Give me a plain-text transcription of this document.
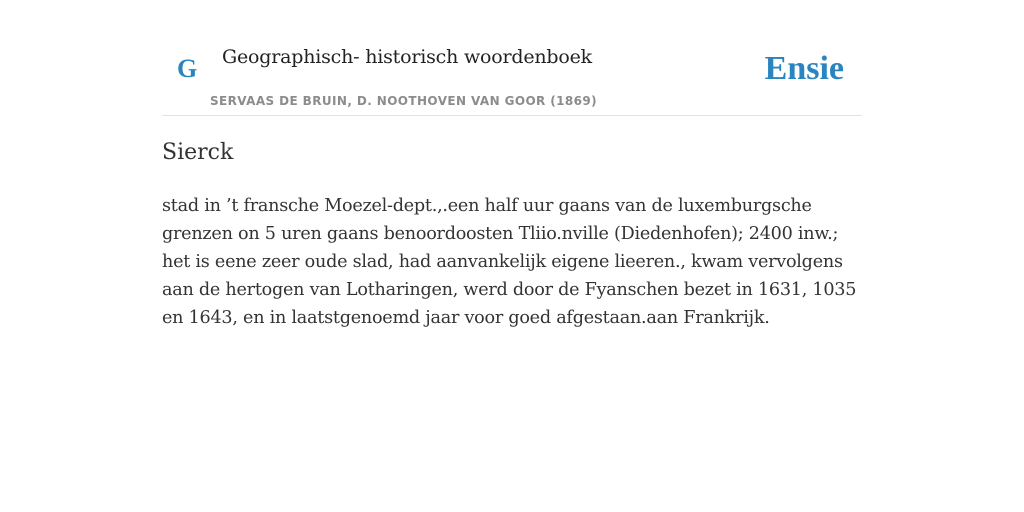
G Geographisch- historisch woordenboek
SERVAAS DE BRUIN, D. NOOTHOVEN VAN GOOR (1869)
Ensie
Sierck

stad in ’t fransche Moezel-dept.,.een half uur gaans van de luxemburgsche grenzen on 5 uren gaans benoordoosten Tliio.nville (Diedenhofen); 2400 inw.; het is eene zeer oude slad, had aanvankelijk eigene lieeren., kwam vervolgens aan de hertogen van Lotharingen, werd door de Fyanschen bezet in 1631, 1035 en 1643, en in laatstgenoemd jaar voor goed afgestaan.aan Frankrijk.
